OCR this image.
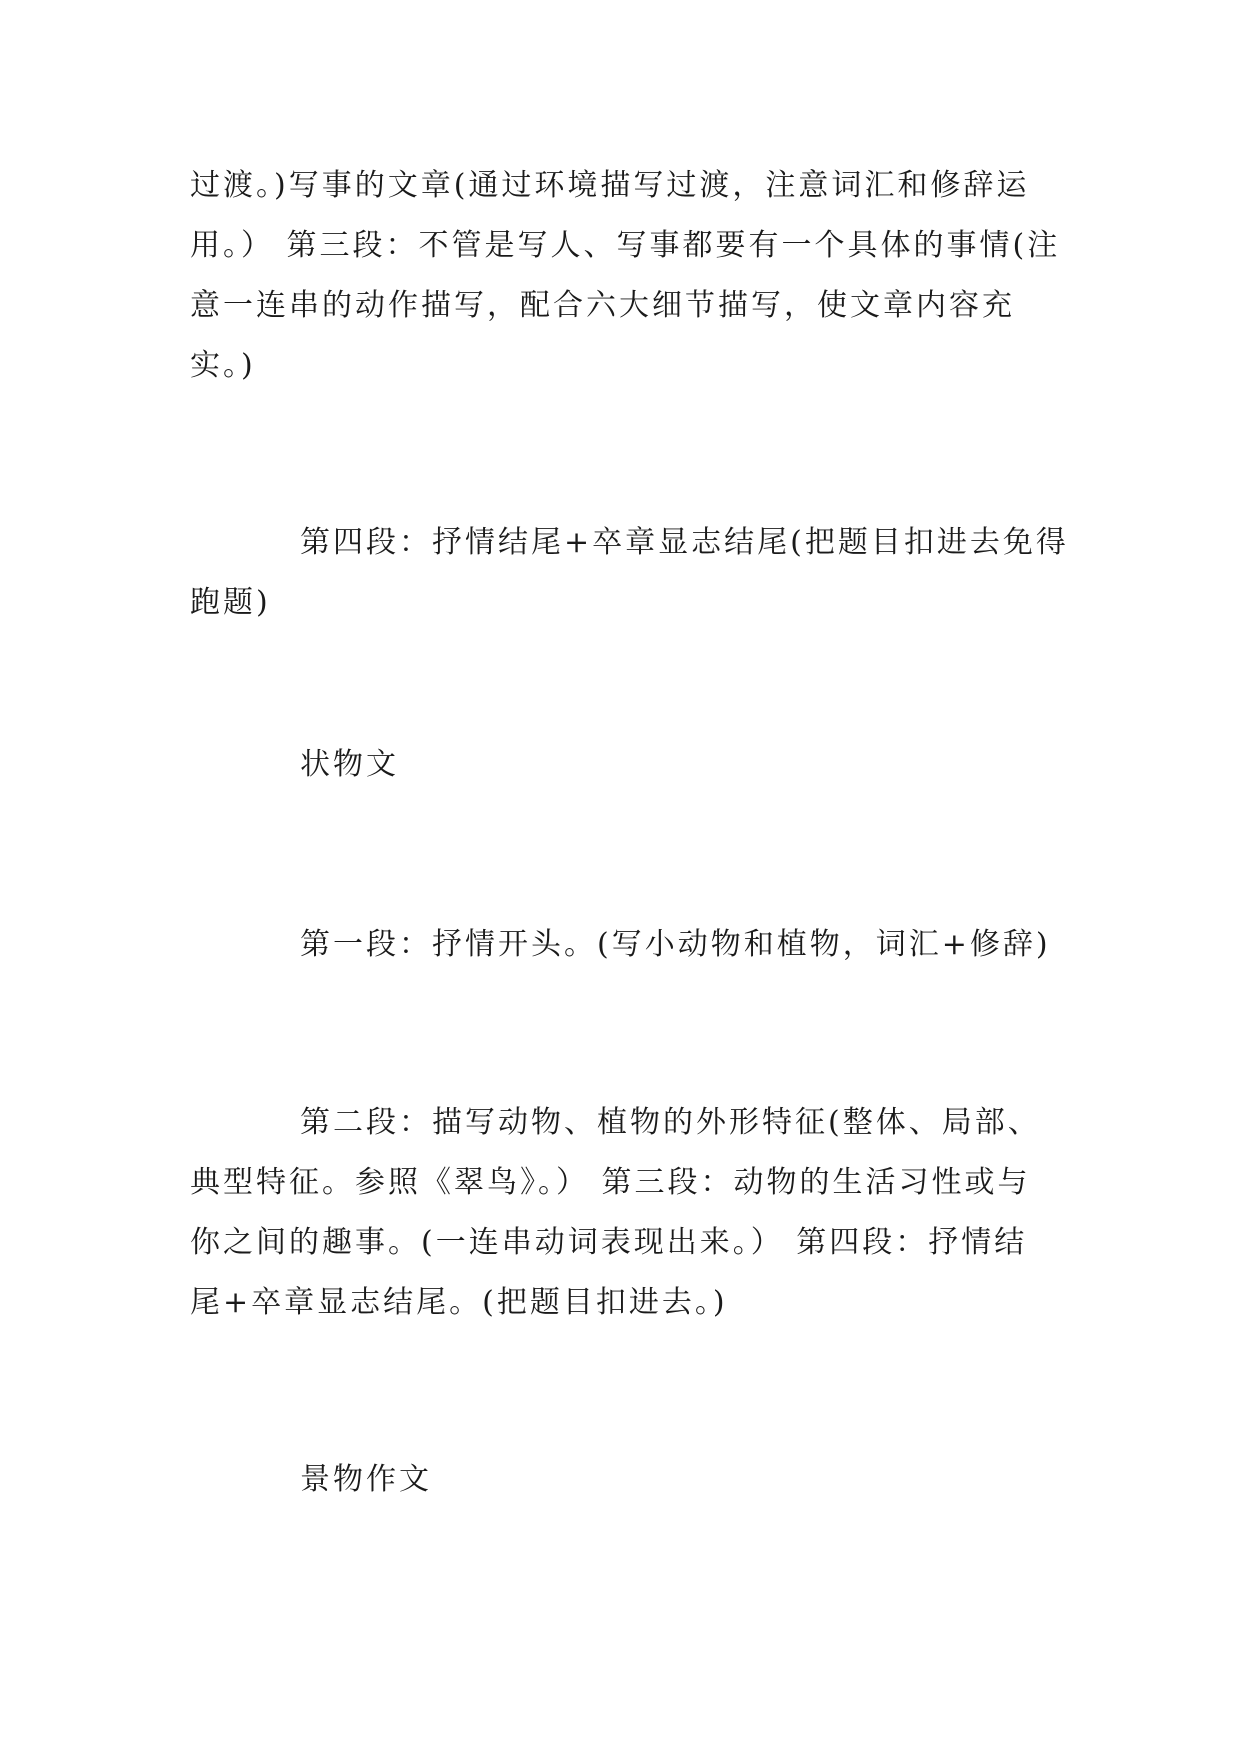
过渡。)写事的文章(通过环境描写过渡，注意词汇和修辞运
用。） 第三段：不管是写人、写事都要有一个具体的事情(注
意一连串的动作描写，配合六大细节描写，使文章内容充
实。)
第四段：抒情结尾+卒章显志结尾(把题目扣进去免得
跑题)
状物文
第一段：抒情开头。(写小动物和植物，词汇+修辞)
第二段：描写动物、植物的外形特征(整体、局部、
典型特征。参照《翠鸟》。） 第三段：动物的生活习性或与
你之间的趣事。(一连串动词表现出来。） 第四段：抒情结
尾+卒章显志结尾。(把题目扣进去。)
景物作文
